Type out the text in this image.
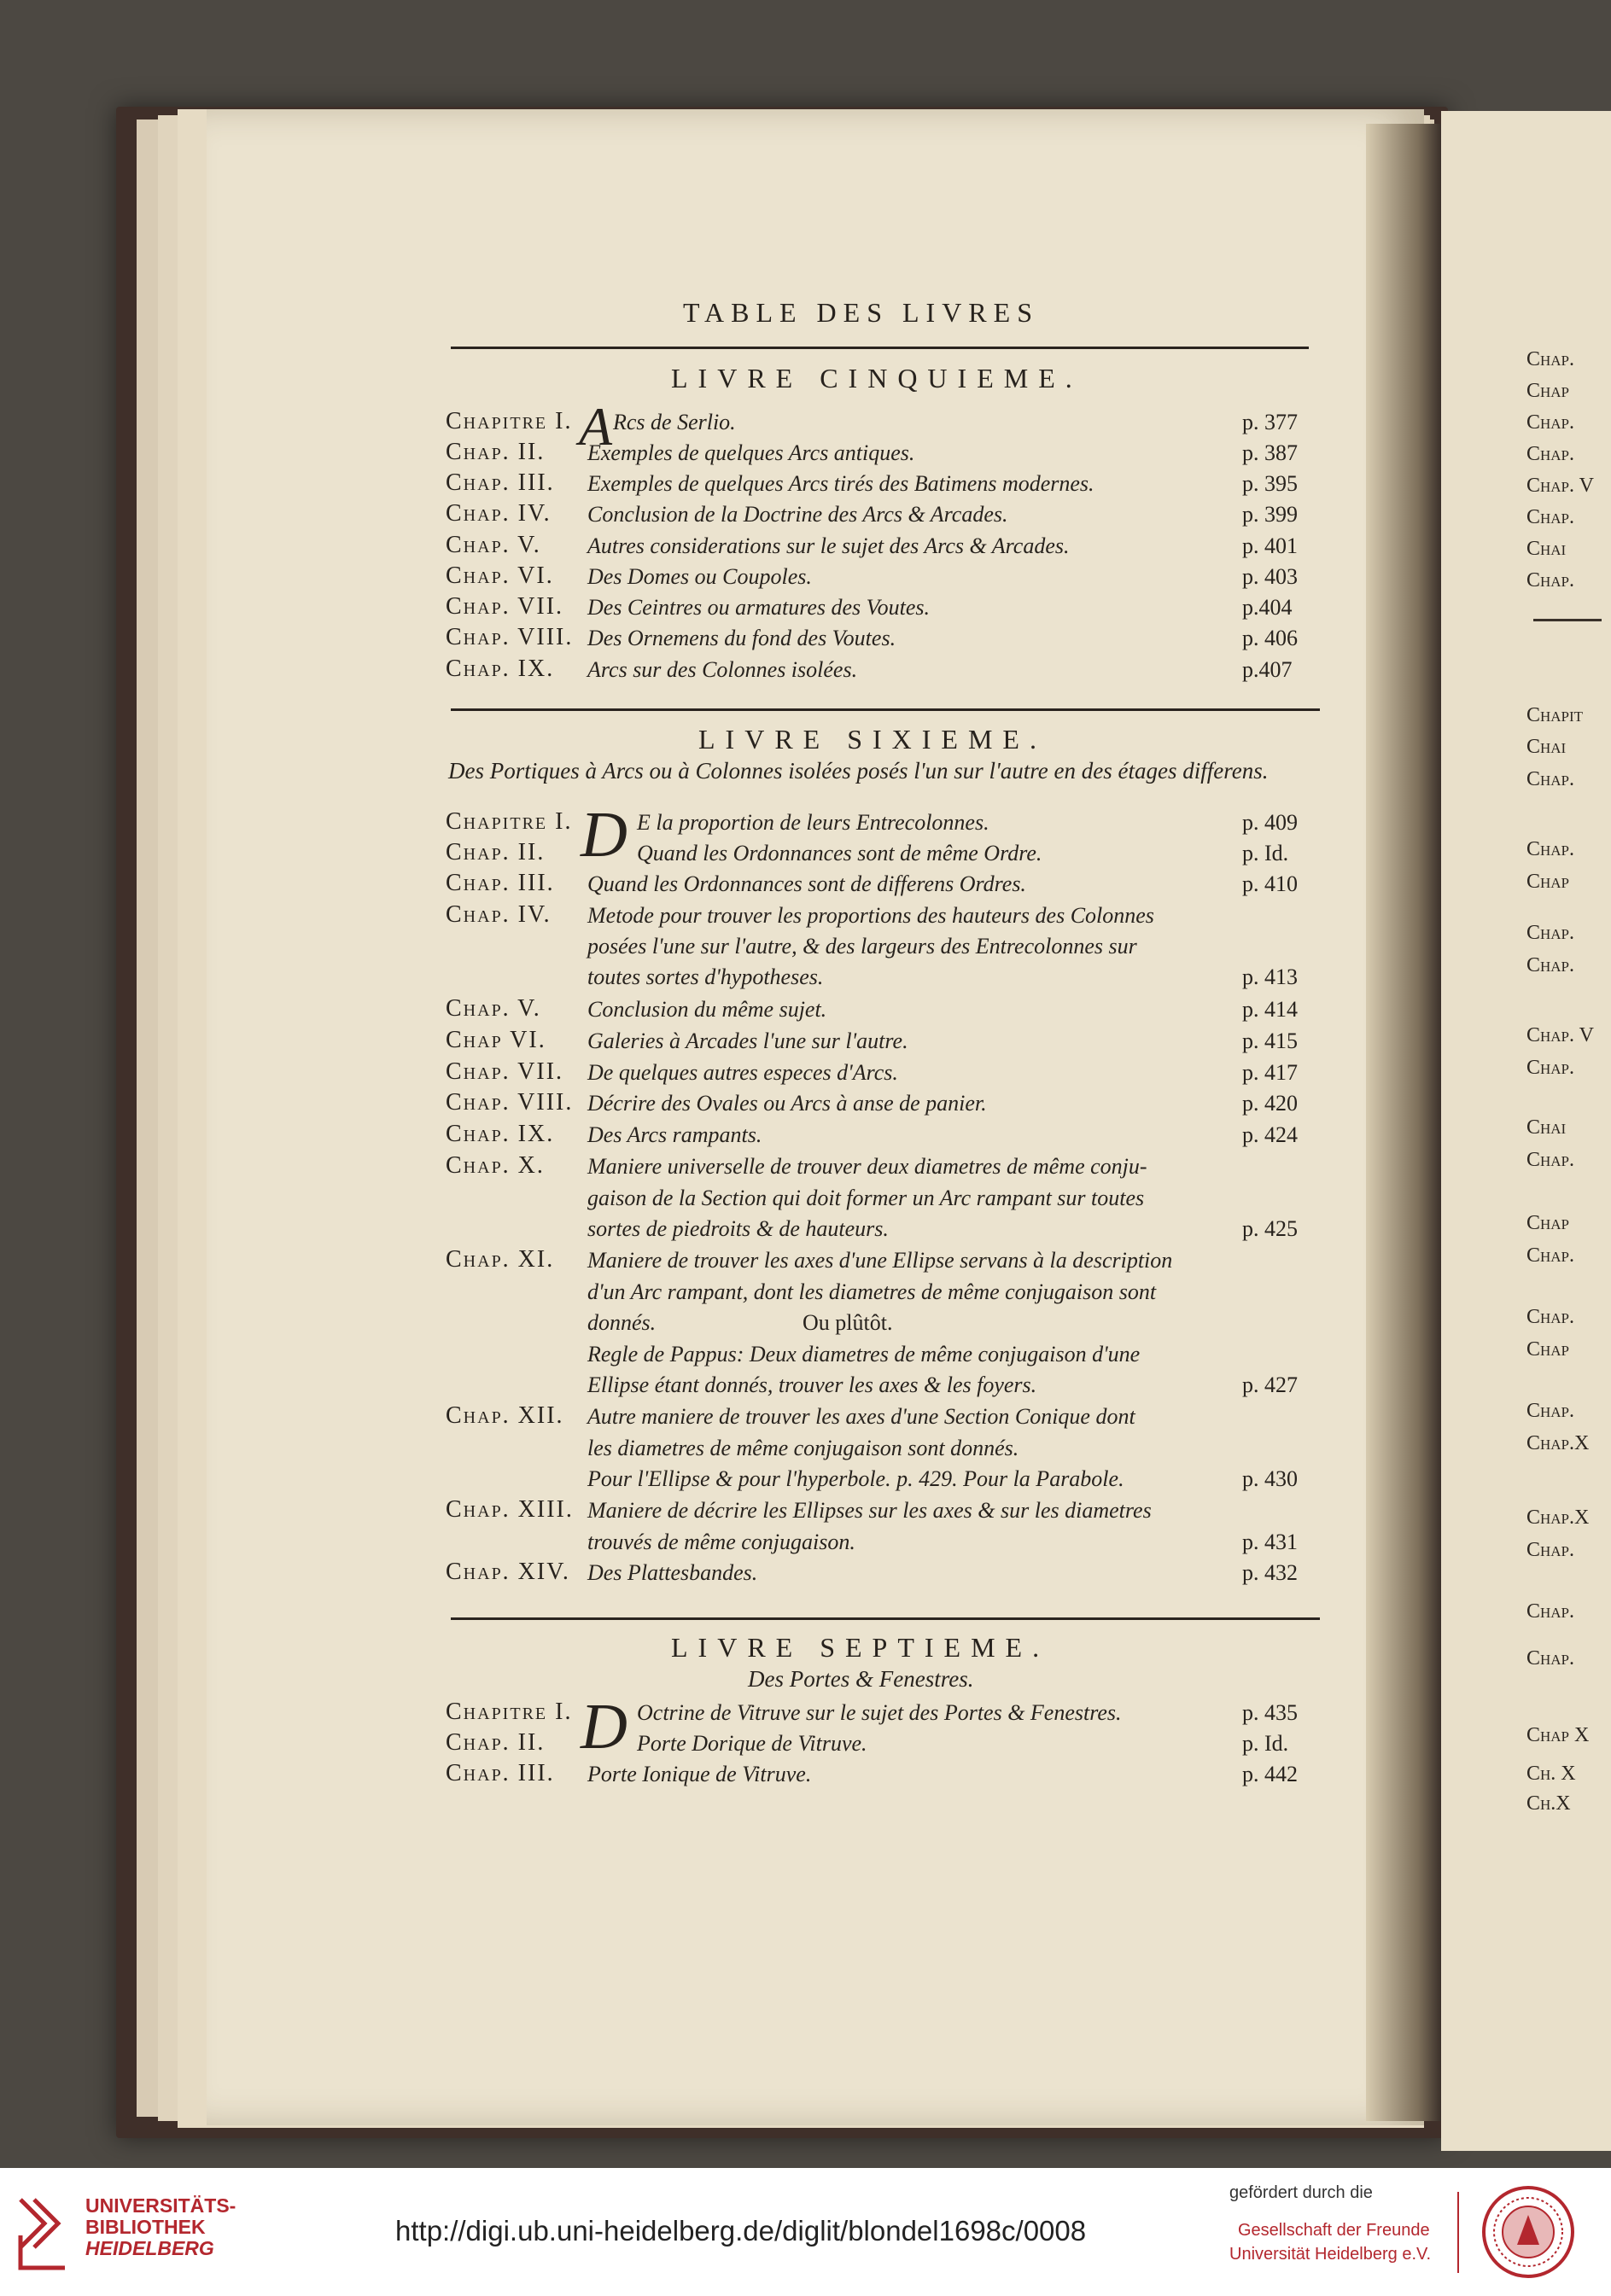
Chap.
Chap
Chap.
Chap.
Chap. V
Chap.
Chai
Chap.
Chapit
Chai
Chap.
Chap.
Chap
Chap.
Chap.
Chap. V
Chap.
Chai
Chap.
Chap
Chap.
Chap.
Chap
Chap.
Chap.X
Chap.X
Chap.
Chap.
Chap.
Chap X
Ch. X
Ch.X
TABLE DES LIVRES
LIVRE CINQUIEME.
Chapitre I. Rcs de Serlio.	p. 377
Chap. II. Exemples de quelques Arcs antiques.	p. 387
Chap. III. Exemples de quelques Arcs tirés des Batimens modernes.	p. 395
Chap. IV. Conclusion de la Doctrine des Arcs & Arcades.	p. 399
Chap. V. Autres considerations sur le sujet des Arcs & Arcades.	p. 401
Chap. VI. Des Domes ou Coupoles.	p. 403
Chap. VII. Des Ceintres ou armatures des Voutes.	p.404
Chap. VIII. Des Ornemens du fond des Voutes.	p. 406
Chap. IX. Arcs sur des Colonnes isolées.	p.407
A
LIVRE SIXIEME.
Des Portiques à Arcs ou à Colonnes isolées posés l'un sur l'autre en des étages differens.
D
Chapitre I.	E la proportion de leurs Entrecolonnes.	p. 409
Chap. II.	Quand les Ordonnances sont de même Ordre.	p. Id.
Chap. III. Quand les Ordonnances sont de differens Ordres.	p. 410
Chap. IV. Metode pour trouver les proportions des hauteurs des Colonnes
posées l'une sur l'autre, & des largeurs des Entrecolonnes sur
toutes sortes d'hypotheses.	p. 413
Chap. V. Conclusion du même sujet.	p. 414
Chap VI. Galeries à Arcades l'une sur l'autre.	p. 415
Chap. VII. De quelques autres especes d'Arcs.	p. 417
Chap. VIII. Décrire des Ovales ou Arcs à anse de panier.	p. 420
Chap. IX. Des Arcs rampants.	p. 424
Chap. X. Maniere universelle de trouver deux diametres de même conju-
gaison de la Section qui doit former un Arc rampant sur toutes
sortes de piedroits & de hauteurs.	p. 425
Chap. XI. Maniere de trouver les axes d'une Ellipse servans à la description
d'un Arc rampant, dont les diametres de même conjugaison sont
donnés.	Ou plûtôt.
Regle de Pappus: Deux diametres de même conjugaison d'une
Ellipse étant donnés, trouver les axes & les foyers.	p. 427
Chap. XII. Autre maniere de trouver les axes d'une Section Conique dont
les diametres de même conjugaison sont donnés.
Pour l'Ellipse & pour l'hyperbole. p. 429. Pour la Parabole.	p. 430
Chap. XIII. Maniere de décrire les Ellipses sur les axes & sur les diametres
trouvés de même conjugaison.	p. 431
Chap. XIV. Des Plattesbandes.	p. 432
LIVRE SEPTIEME.
Des Portes & Fenestres.
D
Chapitre I.	Octrine de Vitruve sur le sujet des Portes & Fenestres.	p. 435
Chap. II.	Porte Dorique de Vitruve.	p. Id.
Chap. III. Porte Ionique de Vitruve.	p. 442
UNIVERSITÄTS-
BIBLIOTHEK
HEIDELBERG
http://digi.ub.uni-heidelberg.de/diglit/blondel1698c/0008
gefördert durch die
Gesellschaft der Freunde
Universität Heidelberg e.V.
